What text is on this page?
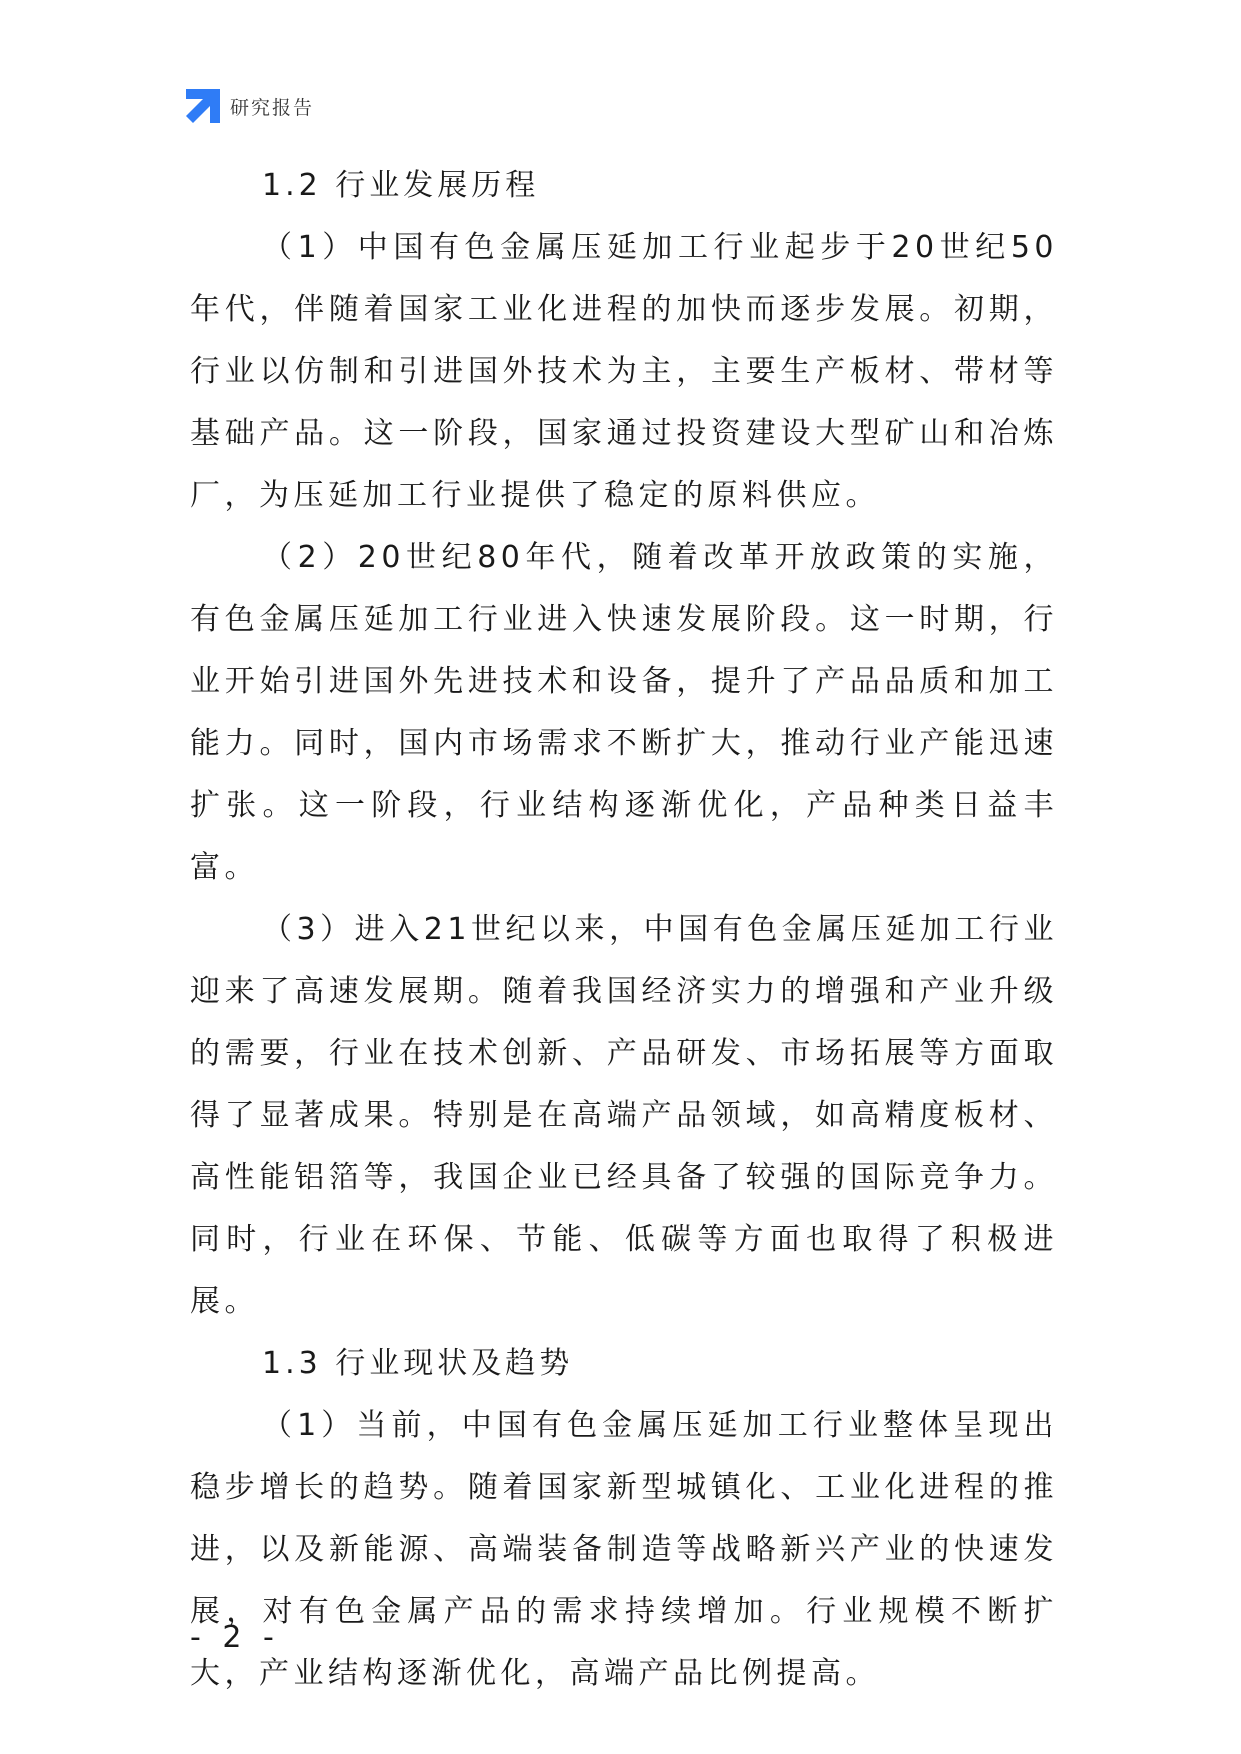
研究报告
1.2 行业发展历程

（1）中国有色金属压延加工行业起步于20世纪50年代，伴随着国家工业化进程的加快而逐步发展。初期，行业以仿制和引进国外技术为主，主要生产板材、带材等基础产品。这一阶段，国家通过投资建设大型矿山和冶炼厂，为压延加工行业提供了稳定的原料供应。

（2）20世纪80年代，随着改革开放政策的实施，有色金属压延加工行业进入快速发展阶段。这一时期，行业开始引进国外先进技术和设备，提升了产品品质和加工能力。同时，国内市场需求不断扩大，推动行业产能迅速扩张。这一阶段，行业结构逐渐优化，产品种类日益丰富。

（3）进入21世纪以来，中国有色金属压延加工行业迎来了高速发展期。随着我国经济实力的增强和产业升级的需要，行业在技术创新、产品研发、市场拓展等方面取得了显著成果。特别是在高端产品领域，如高精度板材、高性能铝箔等，我国企业已经具备了较强的国际竞争力。同时，行业在环保、节能、低碳等方面也取得了积极进展。

1.3 行业现状及趋势

（1）当前，中国有色金属压延加工行业整体呈现出稳步增长的趋势。随着国家新型城镇化、工业化进程的推进，以及新能源、高端装备制造等战略新兴产业的快速发展，对有色金属产品的需求持续增加。行业规模不断扩大，产业结构逐渐优化，高端产品比例提高。

- 2 -
